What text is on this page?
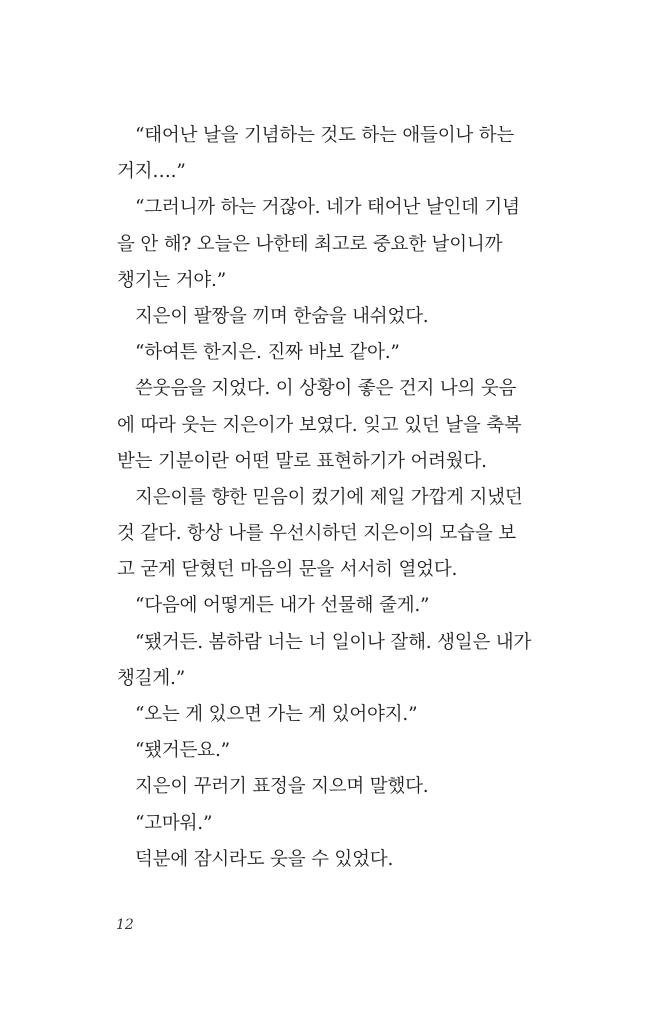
“태어난 날을 기념하는 것도 하는 애들이나 하는
거지….”
“그러니까 하는 거잖아. 네가 태어난 날인데 기념
을 안 해? 오늘은 나한테 최고로 중요한 날이니까
챙기는 거야.”
지은이 팔짱을 끼며 한숨을 내쉬었다.
“하여튼 한지은. 진짜 바보 같아.”
쓴웃음을 지었다. 이 상황이 좋은 건지 나의 웃음
에 따라 웃는 지은이가 보였다. 잊고 있던 날을 축복
받는 기분이란 어떤 말로 표현하기가 어려웠다.
지은이를 향한 믿음이 컸기에 제일 가깝게 지냈던
것 같다. 항상 나를 우선시하던 지은이의 모습을 보
고 굳게 닫혔던 마음의 문을 서서히 열었다.
“다음에 어떻게든 내가 선물해 줄게.”
“됐거든. 봄하람 너는 너 일이나 잘해. 생일은 내가
챙길게.”
“오는 게 있으면 가는 게 있어야지.”
“됐거든요.”
지은이 꾸러기 표정을 지으며 말했다.
“고마워.”
덕분에 잠시라도 웃을 수 있었다.
12
